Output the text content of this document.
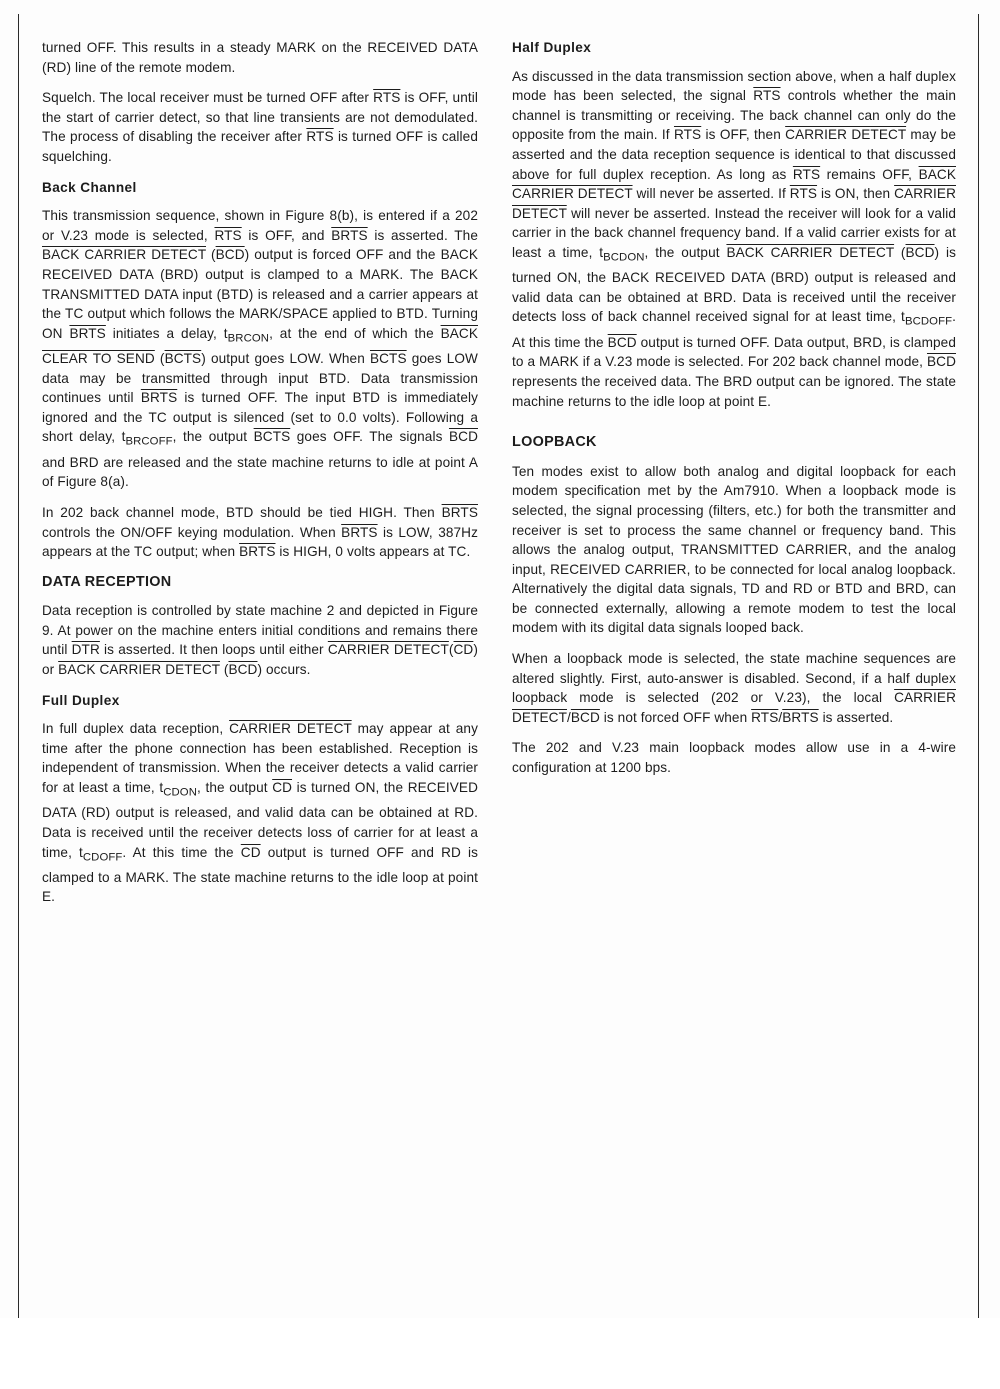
turned OFF. This results in a steady MARK on the RECEIVED DATA (RD) line of the remote modem.

Squelch. The local receiver must be turned OFF after $\overline{RTS}$ is OFF, until the start of carrier detect, so that line transients are not demodulated. The process of disabling the receiver after $\overline{RTS}$ is turned OFF is called squelching.

Back Channel

This transmission sequence, shown in Figure 8(b), is entered if a 202 or V.23 mode is selected, $\overline{RTS}$ is OFF, and BRTS is asserted. The BACK CARRIER DETECT $(\overline{BCD})$ output is forced OFF and the BACK RECEIVED DATA (BRD) output is clamped to a MARK. The BACK TRANSMITTED DATA input (BTD) is released and a carrier appears at the TC output which follows the MARK/SPACE applied to BTD. Turning ON BRTS initiates a delay, $t_{BRCON}$, at the end of which the BACK CLEAR TO SEND (BCTS) output goes LOW. When BCTS goes LOW data may be transmitted through input BTD. Data transmission continues until BRTS is turned OFF. The input BTD is immediately ignored and the TC output is silenced (set to 0.0 volts). Following a short delay, $t_{BRCOFF}$, the output BCTS goes OFF. The signals $\overline{BCD}$ and BRD are released and the state machine returns to idle at point A of Figure 8(a).

In 202 back channel mode, BTD should be tied HIGH. Then BRTS controls the ON/OFF keying modulation. When BRTS is LOW, 387Hz appears at the TC output; when BRTS is HIGH, 0 volts appears at TC.

DATA RECEPTION

Data reception is controlled by state machine 2 and depicted in Figure 9. At power on the machine enters initial conditions and remains there until $\overline{DTR}$ is asserted. It then loops until either CARRIER $DETECT(\overline{CD})$ or BACK CARRIER DETECT $(\overline{BCD})$ occurs.

Full Duplex

In full duplex data reception, CARRIER DETECT may appear at any time after the phone connection has been established. Reception is independent of transmission. When the receiver detects a valid carrier for at least a time, $t_{CDON}$, the output $\overline{CD}$ is turned ON, the RECEIVED DATA (RD) output is released, and valid data can be obtained at RD. Data is received until the receiver detects loss of carrier for at least a time, $t_{CDOFF}$. At this time the $\overline{CD}$ output is turned OFF and RD is clamped to a MARK. The state machine returns to the idle loop at point E.

Half Duplex

As discussed in the data transmission section above, when a half duplex mode has been selected, the signal $\overline{RTS}$ controls whether the main channel is transmitting or receiving. The back channel can only do the opposite from the main. If $\overline{RTS}$ is OFF, then CARRIER DETECT may be asserted and the data reception sequence is identical to that discussed above for full duplex reception. As long as $\overline{RTS}$ remains OFF, BACK CARRIER DETECT will never be asserted. If $\overline{RTS}$ is ON, then CARRIER DETECT will never be asserted. Instead the receiver will look for a valid carrier in the back channel frequency band. If a valid carrier exists for at least a time, $t_{BCDON}$, the output BACK CARRIER DETECT $(\overline{BCD})$ is turned ON, the BACK RECEIVED DATA (BRD) output is released and valid data can be obtained at BRD. Data is received until the receiver detects loss of back channel received signal for at least time, $t_{BCDOFF}$. At this time the $\overline{BCD}$ output is turned OFF. Data output, BRD, is clamped to a MARK if a V.23 mode is selected. For 202 back channel mode, $\overline{BCD}$ represents the received data. The BRD output can be ignored. The state machine returns to the idle loop at point E.

LOOPBACK

Ten modes exist to allow both analog and digital loopback for each modem specification met by the Am7910. When a loopback mode is selected, the signal processing (filters, etc.) for both the transmitter and receiver is set to process the same channel or frequency band. This allows the analog output, TRANSMITTED CARRIER, and the analog input, RECEIVED CARRIER, to be connected for local analog loopback. Alternatively the digital data signals, TD and RD or BTD and BRD, can be connected externally, allowing a remote modem to test the local modem with its digital data signals looped back.

When a loopback mode is selected, the state machine sequences are altered slightly. First, auto-answer is disabled. Second, if a half duplex loopback mode is selected (202 or V.23), the local CARRIER DETECT/$\overline{BCD}$ is not forced OFF when $\overline{RTS}$/BRTS is asserted.

The 202 and V.23 main loopback modes allow use in a 4-wire configuration at 1200 bps.
